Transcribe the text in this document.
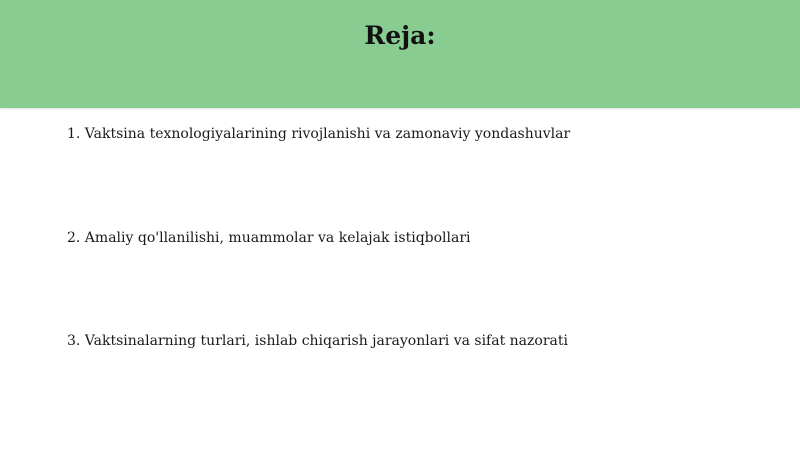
Reja:

1. Vaktsina texnologiyalarining rivojlanishi va zamonaviy yondashuvlar

2. Amaliy qo'llanilishi, muammolar va kelajak istiqbollari

3. Vaktsinalarning turlari, ishlab chiqarish jarayonlari va sifat nazorati
